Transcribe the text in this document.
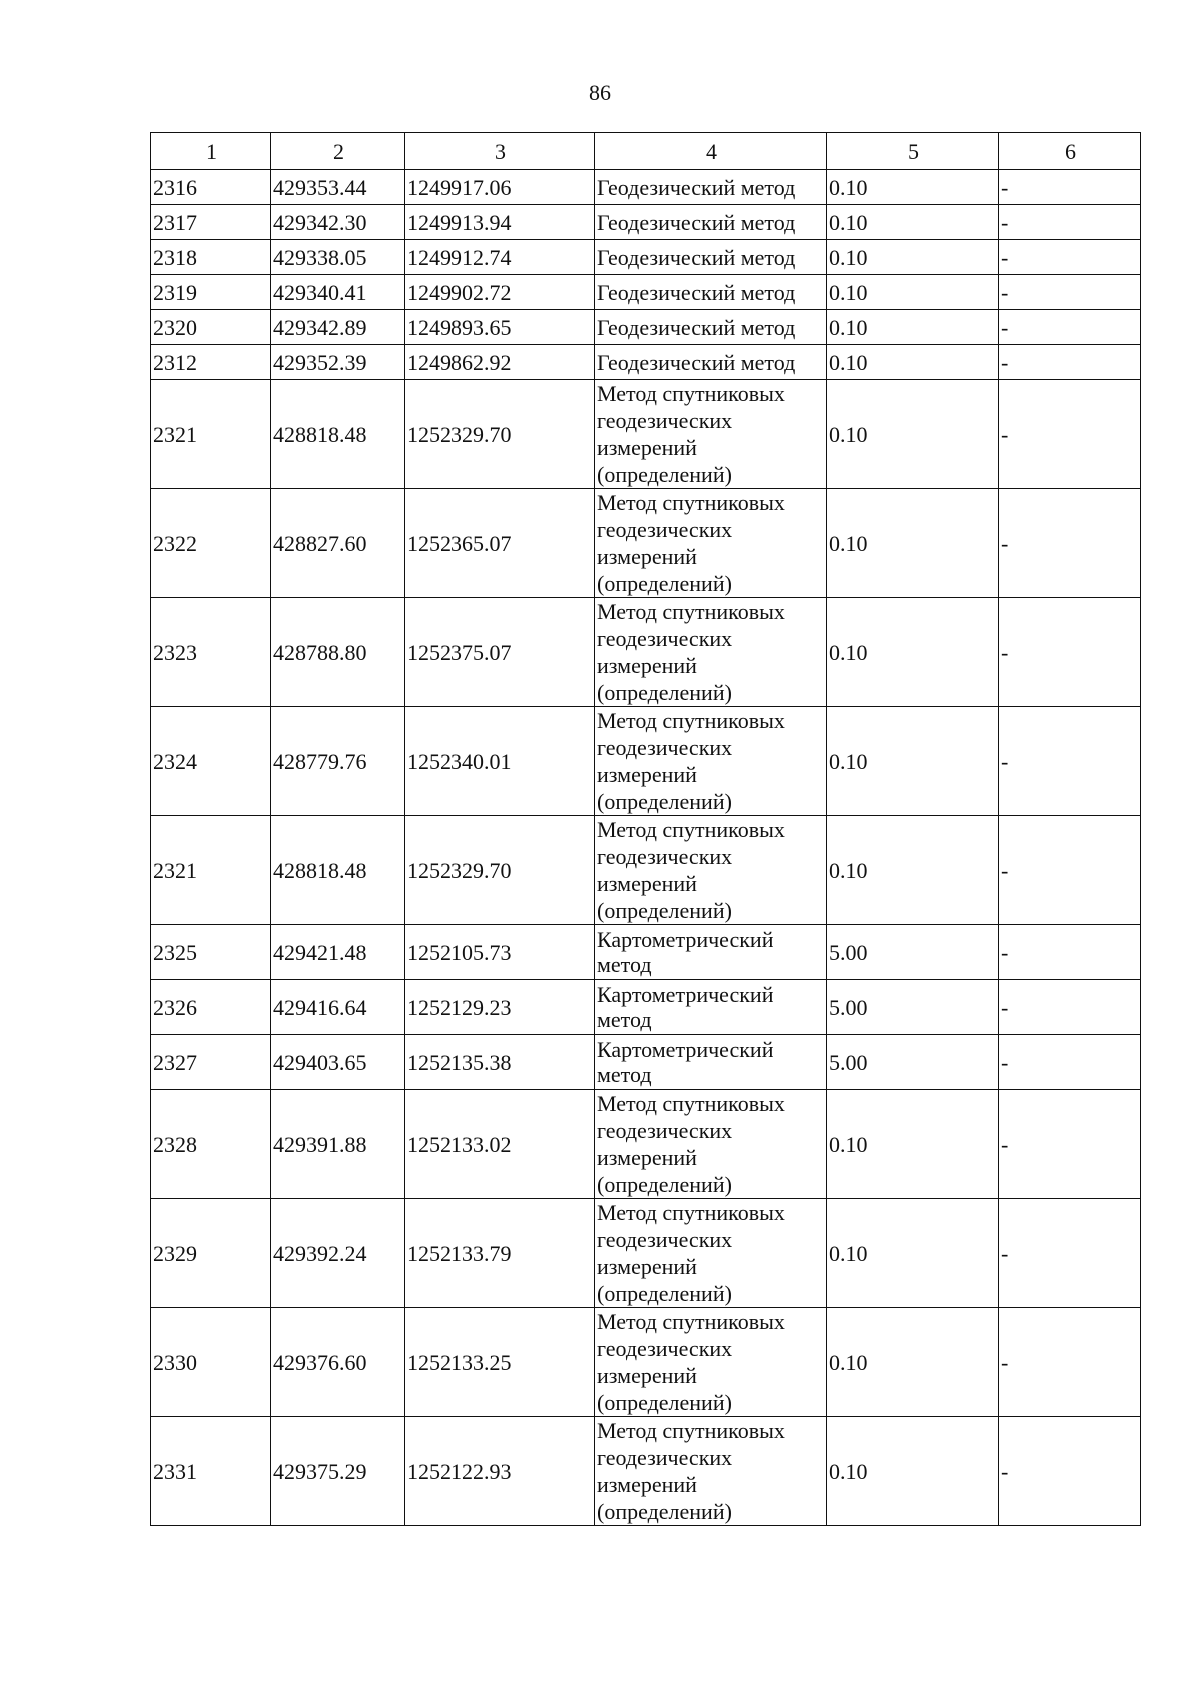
86
1	2	3	4	5	6
2316	429353.44	1249917.06	Геодезический метод	0.10	-
2317	429342.30	1249913.94	Геодезический метод	0.10	-
2318	429338.05	1249912.74	Геодезический метод	0.10	-
2319	429340.41	1249902.72	Геодезический метод	0.10	-
2320	429342.89	1249893.65	Геодезический метод	0.10	-
2312	429352.39	1249862.92	Геодезический метод	0.10	-
2321	428818.48	1252329.70	Метод спутниковых геодезических измерений (определений)	0.10	-
2322	428827.60	1252365.07	Метод спутниковых геодезических измерений (определений)	0.10	-
2323	428788.80	1252375.07	Метод спутниковых геодезических измерений (определений)	0.10	-
2324	428779.76	1252340.01	Метод спутниковых геодезических измерений (определений)	0.10	-
2321	428818.48	1252329.70	Метод спутниковых геодезических измерений (определений)	0.10	-
2325	429421.48	1252105.73	Картометрический метод	5.00	-
2326	429416.64	1252129.23	Картометрический метод	5.00	-
2327	429403.65	1252135.38	Картометрический метод	5.00	-
2328	429391.88	1252133.02	Метод спутниковых геодезических измерений (определений)	0.10	-
2329	429392.24	1252133.79	Метод спутниковых геодезических измерений (определений)	0.10	-
2330	429376.60	1252133.25	Метод спутниковых геодезических измерений (определений)	0.10	-
2331	429375.29	1252122.93	Метод спутниковых геодезических измерений (определений)	0.10	-
